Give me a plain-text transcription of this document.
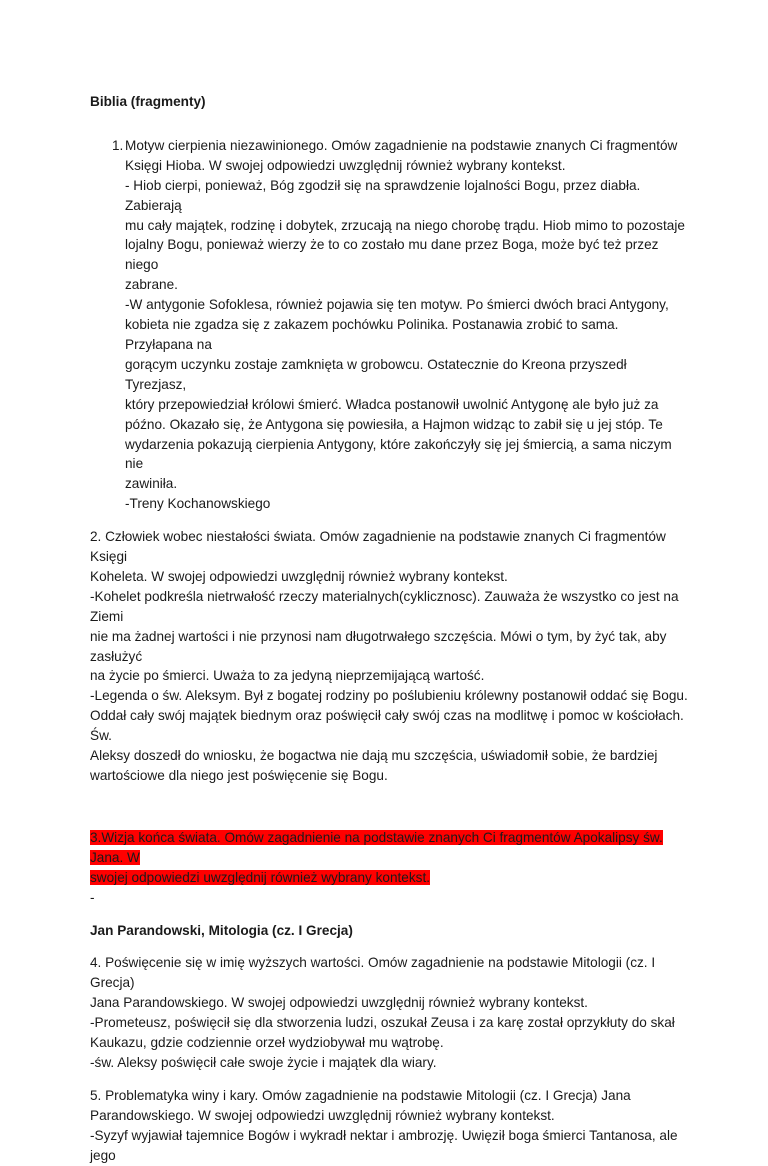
Biblia (fragmenty)

1. Motyw cierpienia niezawinionego. Omów zagadnienie na podstawie znanych Ci fragmentów

Księgi Hioba. W swojej odpowiedzi uwzględnij również wybrany kontekst.

- Hiob cierpi, ponieważ, Bóg zgodził się na sprawdzenie lojalności Bogu, przez diabła. Zabierają

mu cały majątek, rodzinę i dobytek, zrzucają na niego chorobę trądu. Hiob mimo to pozostaje

lojalny Bogu, ponieważ wierzy że to co zostało mu dane przez Boga, może być też przez niego

zabrane.

-W antygonie Sofoklesa, również pojawia się ten motyw. Po śmierci dwóch braci Antygony,

kobieta nie zgadza się z zakazem pochówku Polinika. Postanawia zrobić to sama. Przyłapana na

gorącym uczynku zostaje zamknięta w grobowcu. Ostatecznie do Kreona przyszedł Tyrezjasz,

który przepowiedział królowi śmierć. Władca postanowił uwolnić Antygonę ale było już za

późno. Okazało się, że Antygona się powiesiła, a Hajmon widząc to zabił się u jej stóp. Te

wydarzenia pokazują cierpienia Antygony, które zakończyły się jej śmiercią, a sama niczym nie

zawiniła.

-Treny Kochanowskiego

2. Człowiek wobec niestałości świata. Omów zagadnienie na podstawie znanych Ci fragmentów Księgi

Koheleta. W swojej odpowiedzi uwzględnij również wybrany kontekst.

-Kohelet podkreśla nietrwałość rzeczy materialnych(cyklicznosc). Zauważa że wszystko co jest na Ziemi

nie ma żadnej wartości i nie przynosi nam długotrwałego szczęścia. Mówi o tym, by żyć tak, aby zasłużyć

na życie po śmierci. Uważa to za jedyną nieprzemijającą wartość.

-Legenda o św. Aleksym. Był z bogatej rodziny po poślubieniu królewny postanowił oddać się Bogu.

Oddał cały swój majątek biednym oraz poświęcił cały swój czas na modlitwę i pomoc w kościołach. Św.

Aleksy doszedł do wniosku, że bogactwa nie dają mu szczęścia, uświadomił sobie, że bardziej

wartościowe dla niego jest poświęcenie się Bogu.

3.Wizja końca świata. Omów zagadnienie na podstawie znanych Ci fragmentów Apokalipsy św. Jana. W

swojej odpowiedzi uwzględnij również wybrany kontekst.

-

Jan Parandowski, Mitologia (cz. I Grecja)

4. Poświęcenie się w imię wyższych wartości. Omów zagadnienie na podstawie Mitologii (cz. I Grecja)

Jana Parandowskiego. W swojej odpowiedzi uwzględnij również wybrany kontekst.

-Prometeusz, poświęcił się dla stworzenia ludzi, oszukał Zeusa i za karę został oprzykłuty do skał

Kaukazu, gdzie codziennie orzeł wydziobywał mu wątrobę.

-św. Aleksy poświęcił całe swoje życie i majątek dla wiary.

5. Problematyka winy i kary. Omów zagadnienie na podstawie Mitologii (cz. I Grecja) Jana

Parandowskiego. W swojej odpowiedzi uwzględnij również wybrany kontekst.

-Syzyf wyjawiał tajemnice Bogów i wykradł nektar i ambrozję. Uwięził boga śmierci Tantanosa, ale jego
